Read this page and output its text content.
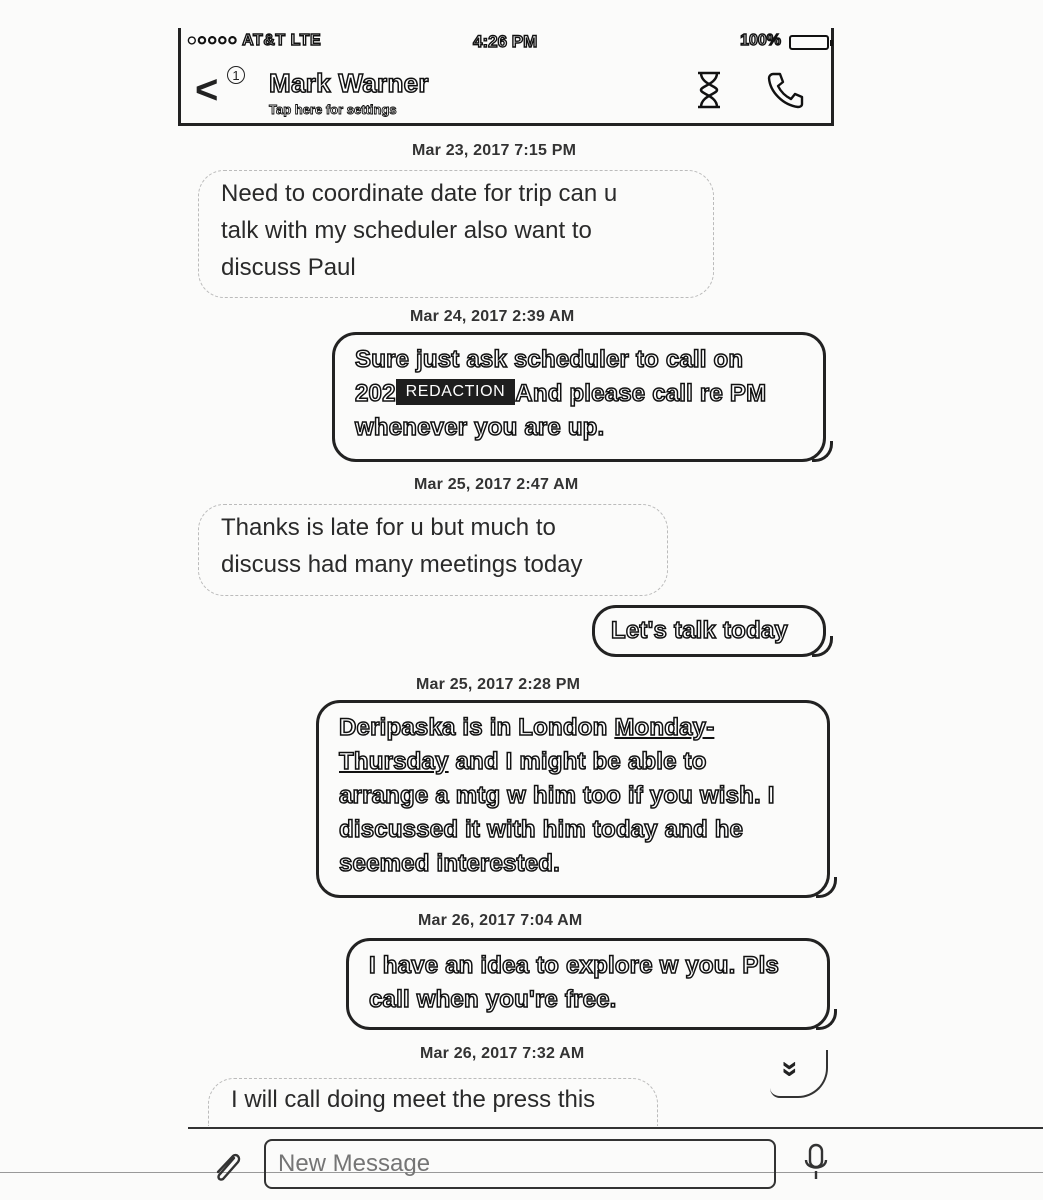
●○○○○ AT&T LTE	4:26 PM	100%
<	1 Mark Warner
Tap here for settings
Mar 23, 2017 7:15 PM
Need to coordinate date for trip can u
talk with my scheduler also want to
discuss Paul
Mar 24, 2017 2:39 AM
Sure just ask scheduler to call on
202 REDACTION And please call re PM
whenever you are up.
Mar 25, 2017 2:47 AM
Thanks is late for u but much to
discuss had many meetings today
Let's talk today
Mar 25, 2017 2:28 PM
Deripaska is in London Monday-
Thursday and I might be able to
arrange a mtg w him too if you wish. I
discussed it with him today and he
seemed interested.
Mar 26, 2017 7:04 AM
I have an idea to explore w you. Pls
call when you're free.
Mar 26, 2017 7:32 AM
I will call doing meet the press this
»
New Message
